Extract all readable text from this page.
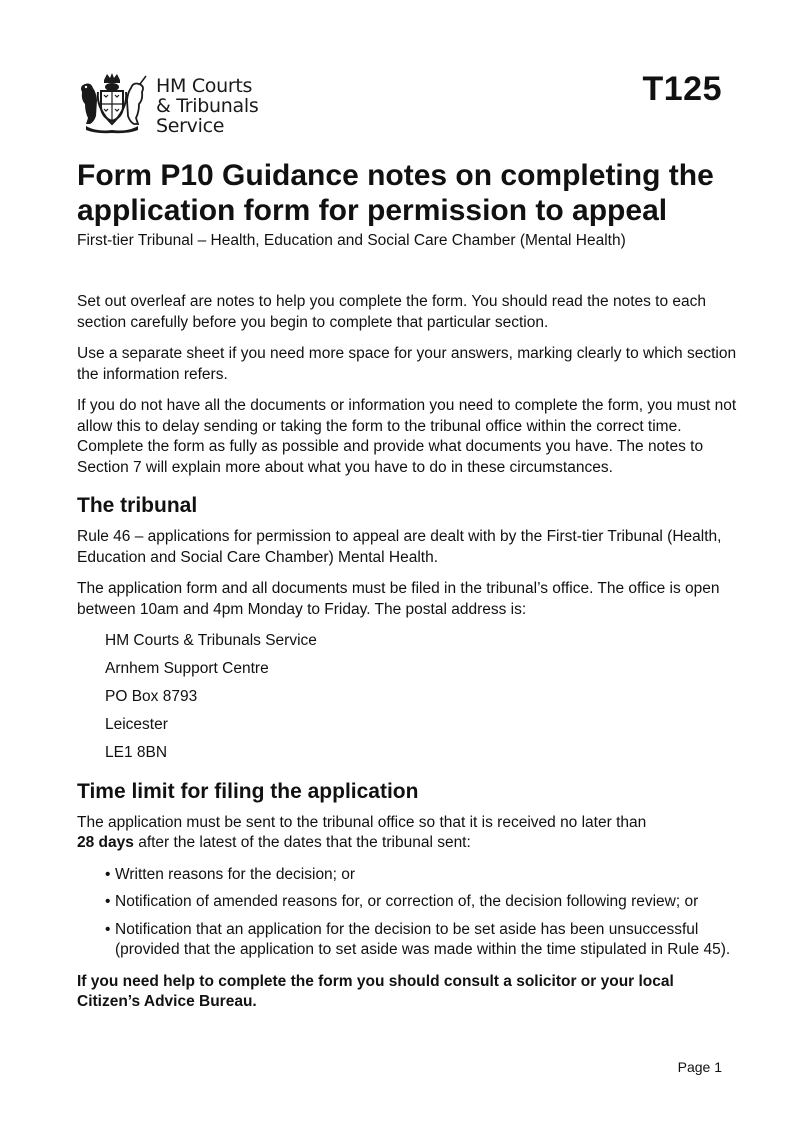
HM Courts
& Tribunals
Service
T125
Form P10 Guidance notes on completing the application form for permission to appeal
First-tier Tribunal – Health, Education and Social Care Chamber (Mental Health)

Set out overleaf are notes to help you complete the form. You should read the notes to each section carefully before you begin to complete that particular section.

Use a separate sheet if you need more space for your answers, marking clearly to which section the information refers.

If you do not have all the documents or information you need to complete the form, you must not allow this to delay sending or taking the form to the tribunal office within the correct time. Complete the form as fully as possible and provide what documents you have. The notes to Section 7 will explain more about what you have to do in these circumstances.

The tribunal

Rule 46 – applications for permission to appeal are dealt with by the First-tier Tribunal (Health, Education and Social Care Chamber) Mental Health.

The application form and all documents must be filed in the tribunal’s office. The office is open between 10am and 4pm Monday to Friday. The postal address is:

HM Courts & Tribunals Service
Arnhem Support Centre
PO Box 8793
Leicester
LE1 8BN
Time limit for filing the application

The application must be sent to the tribunal office so that it is received no later than
28 days after the latest of the dates that the tribunal sent:

• Written reasons for the decision; or
• Notification of amended reasons for, or correction of, the decision following review; or
• Notification that an application for the decision to be set aside has been unsuccessful (provided that the application to set aside was made within the time stipulated in Rule 45).

If you need help to complete the form you should consult a solicitor or your local Citizen’s Advice Bureau.

Page 1
